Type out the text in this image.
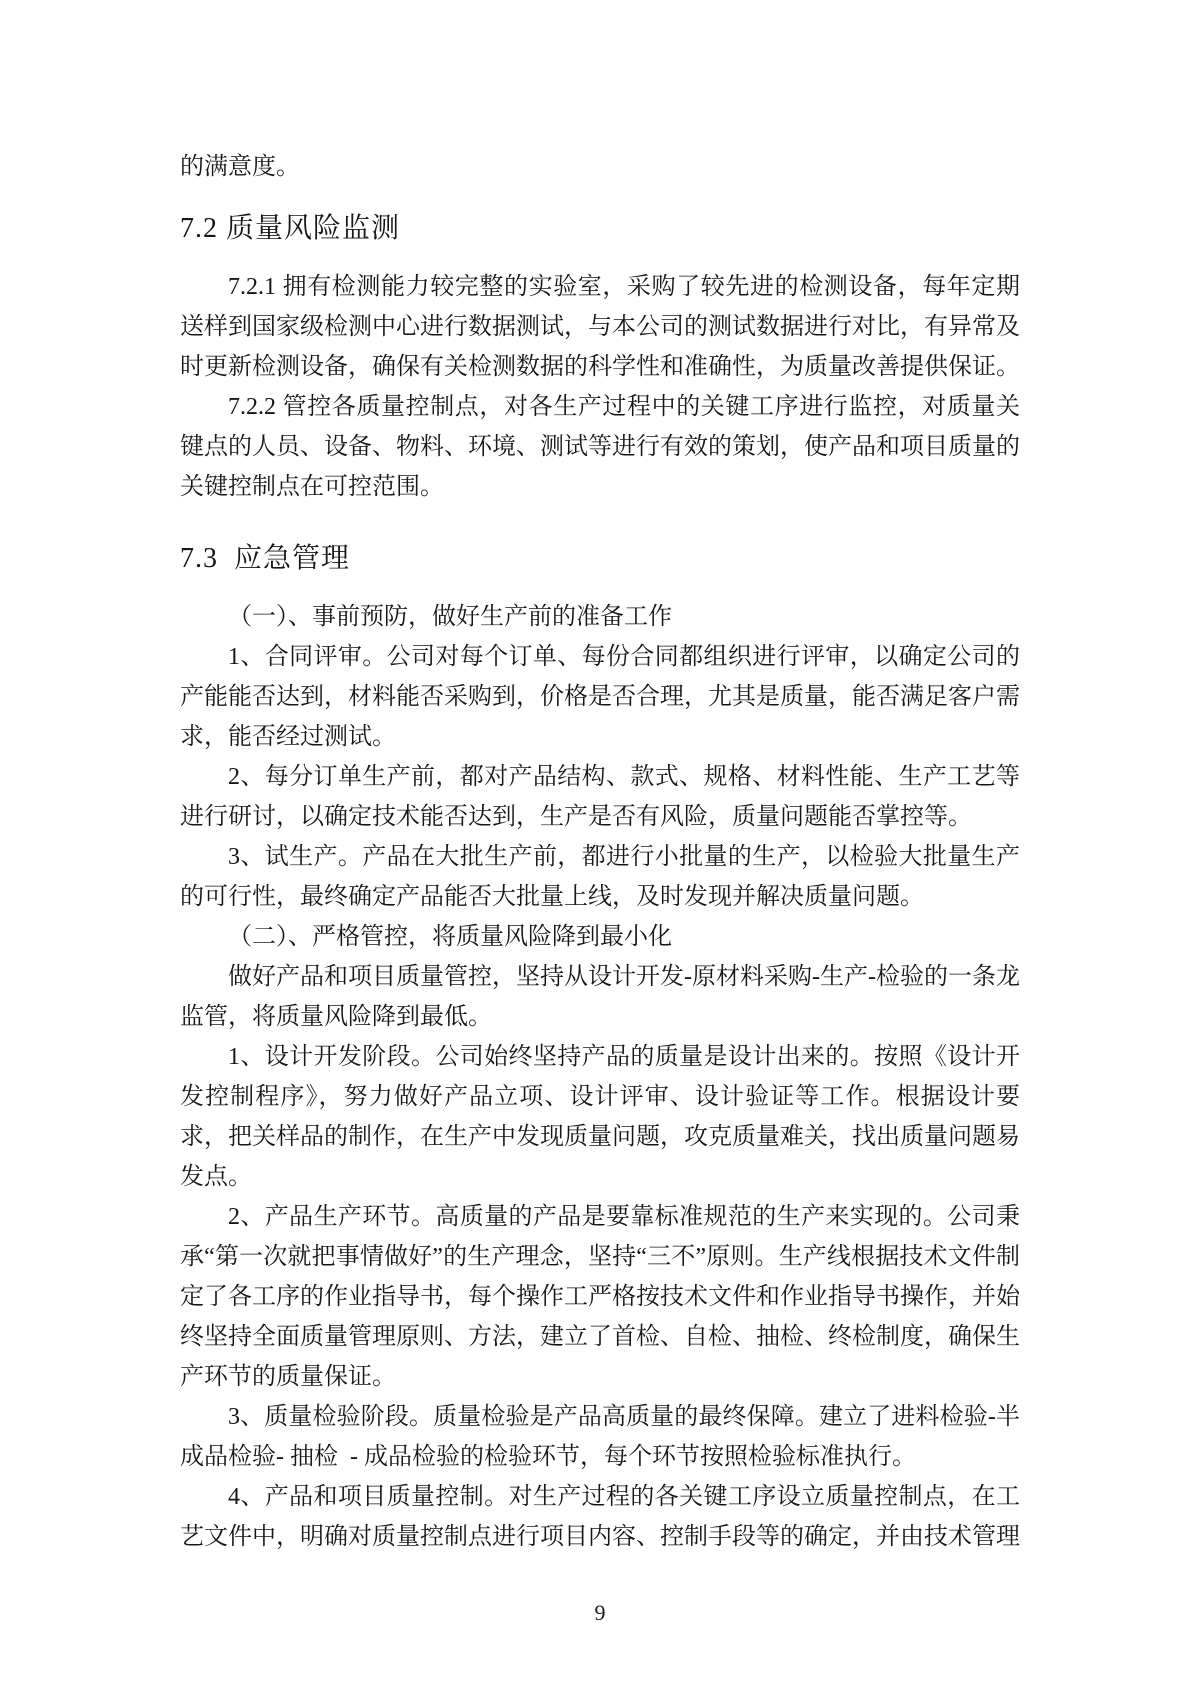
的满意度。
7.2 质量风险监测
7.2.1 拥有检测能力较完整的实验室，采购了较先进的检测设备，每年定期送样到国家级检测中心进行数据测试，与本公司的测试数据进行对比，有异常及时更新检测设备，确保有关检测数据的科学性和准确性，为质量改善提供保证。
7.2.2 管控各质量控制点，对各生产过程中的关键工序进行监控，对质量关键点的人员、设备、物料、环境、测试等进行有效的策划，使产品和项目质量的关键控制点在可控范围。
7.3  应急管理
（一）、事前预防，做好生产前的准备工作
1、合同评审。公司对每个订单、每份合同都组织进行评审，以确定公司的产能能否达到，材料能否采购到，价格是否合理，尤其是质量，能否满足客户需求，能否经过测试。
2、每分订单生产前，都对产品结构、款式、规格、材料性能、生产工艺等进行研讨，以确定技术能否达到，生产是否有风险，质量问题能否掌控等。
3、试生产。产品在大批生产前，都进行小批量的生产，以检验大批量生产的可行性，最终确定产品能否大批量上线，及时发现并解决质量问题。
（二）、严格管控，将质量风险降到最小化
做好产品和项目质量管控，坚持从设计开发-原材料采购-生产-检验的一条龙监管，将质量风险降到最低。
1、设计开发阶段。公司始终坚持产品的质量是设计出来的。按照《设计开发控制程序》，努力做好产品立项、设计评审、设计验证等工作。根据设计要求，把关样品的制作，在生产中发现质量问题，攻克质量难关，找出质量问题易发点。
2、产品生产环节。高质量的产品是要靠标准规范的生产来实现的。公司秉承“第一次就把事情做好”的生产理念，坚持“三不”原则。生产线根据技术文件制定了各工序的作业指导书，每个操作工严格按技术文件和作业指导书操作，并始终坚持全面质量管理原则、方法，建立了首检、自检、抽检、终检制度，确保生产环节的质量保证。
3、质量检验阶段。质量检验是产品高质量的最终保障。建立了进料检验-半成品检验- 抽检  - 成品检验的检验环节，每个环节按照检验标准执行。
4、产品和项目质量控制。对生产过程的各关键工序设立质量控制点，在工艺文件中，明确对质量控制点进行项目内容、控制手段等的确定，并由技术管理
9
